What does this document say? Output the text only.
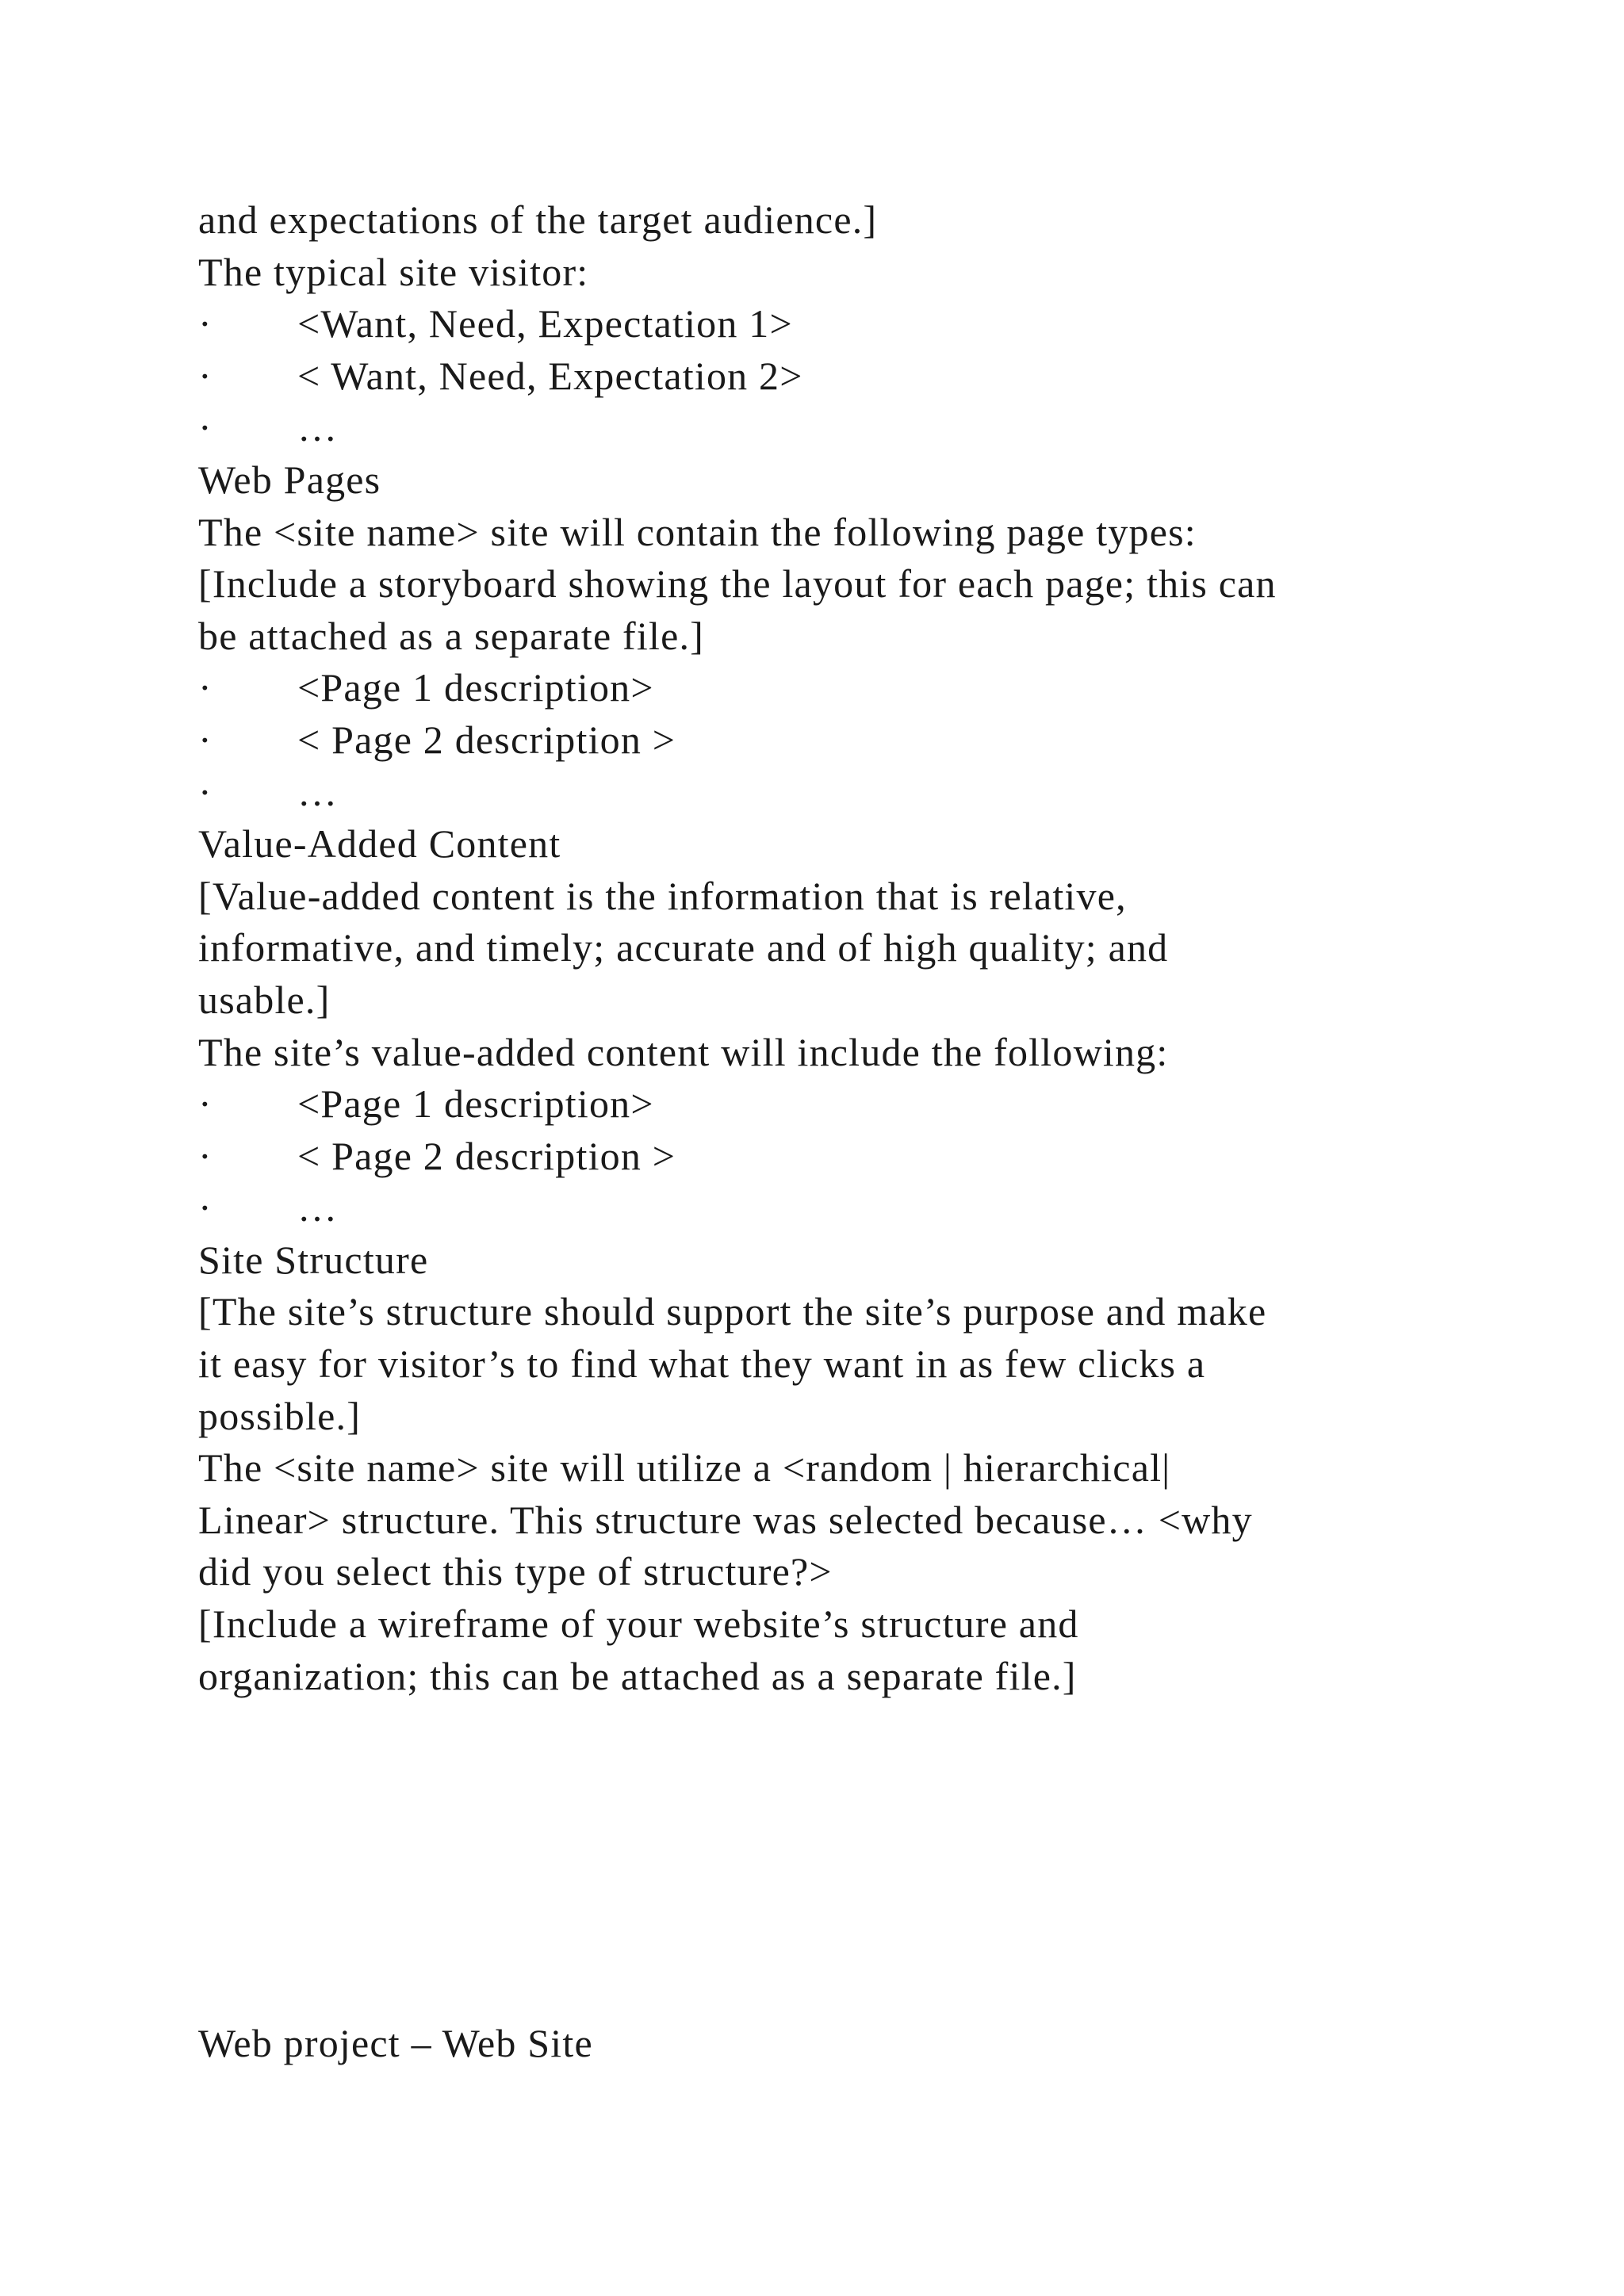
and expectations of the target audience.]
The typical site visitor:
·	<Want, Need, Expectation 1>
·	< Want, Need, Expectation 2>
·	…
Web Pages
The <site name> site will contain the following page types:
[Include a storyboard showing the layout for each page; this can
be attached as a separate file.]
·	<Page 1 description>
·	< Page 2 description >
·	…
Value-Added Content
[Value-added content is the information that is relative,
informative, and timely; accurate and of high quality; and
usable.]
The site’s value-added content will include the following:
·	<Page 1 description>
·	< Page 2 description >
·	…
Site Structure
[The site’s structure should support the site’s purpose and make
it easy for visitor’s to find what they want in as few clicks a
possible.]
The <site name> site will utilize a <random | hierarchical|
Linear> structure. This structure was selected because… <why
did you select this type of structure?>
[Include a wireframe of your website’s structure and
organization; this can be attached as a separate file.]
Web project – Web Site
